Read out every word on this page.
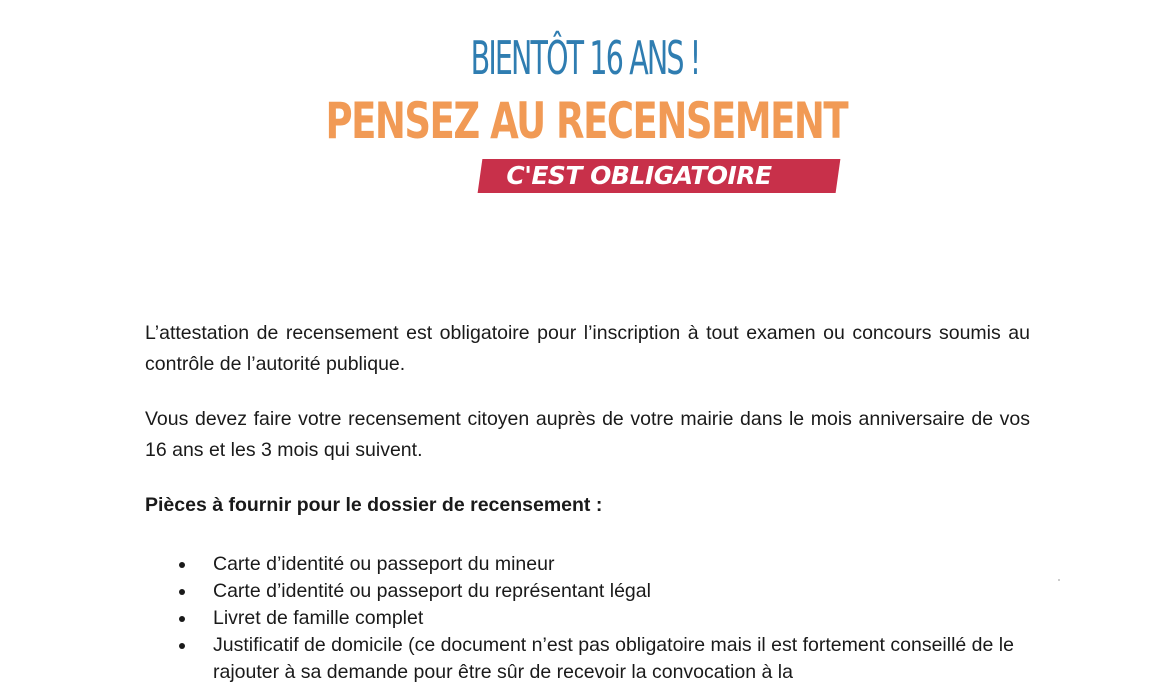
BIENTÔT 16 ANS !
PENSEZ AU RECENSEMENT
C'EST OBLIGATOIRE

L’attestation de recensement est obligatoire pour l’inscription à tout examen ou concours soumis au contrôle de l’autorité publique.

Vous devez faire votre recensement citoyen auprès de votre mairie dans le mois anniversaire de vos 16 ans et les 3 mois qui suivent.

Pièces à fournir pour le dossier de recensement :

Carte d’identité ou passeport du mineur
Carte d’identité ou passeport du représentant légal
Livret de famille complet
Justificatif de domicile (ce document n’est pas obligatoire mais il est fortement conseillé de le rajouter à sa demande pour être sûr de recevoir la convocation à la
